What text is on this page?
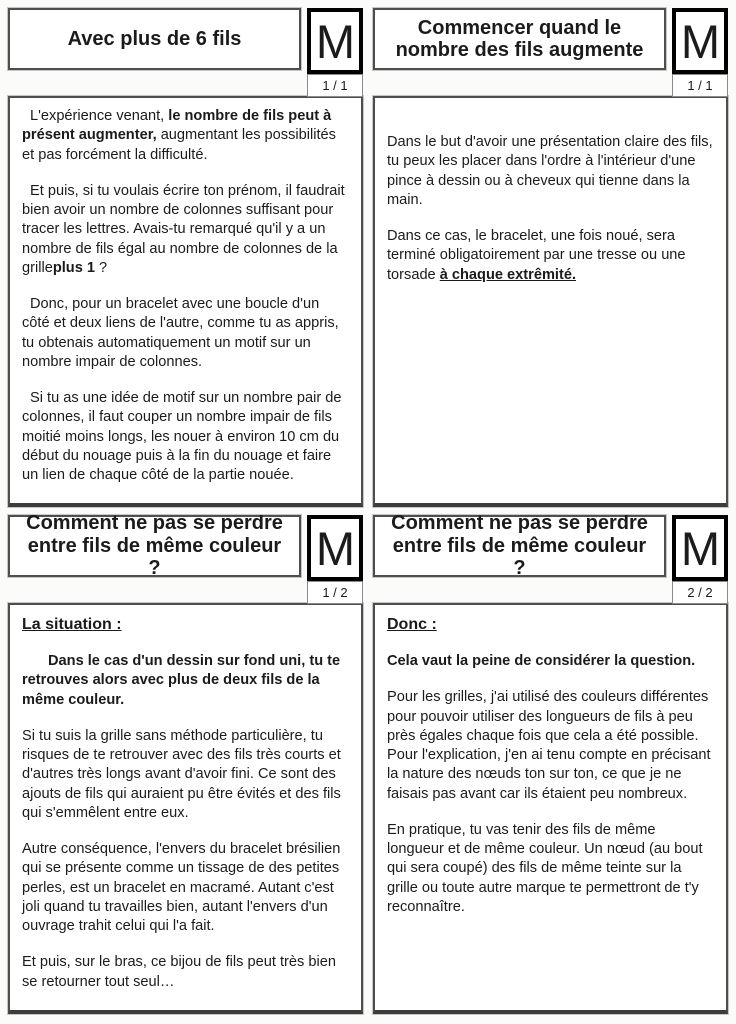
Avec plus de 6 fils	M
1 / 1

L'expérience venant, le nombre de fils peut à présent augmenter, augmentant les possibilités et pas forcément la difficulté.

Et puis, si tu voulais écrire ton prénom, il faudrait bien avoir un nombre de colonnes suffisant pour tracer les lettres. Avais-tu remarqué qu'il y a un nombre de fils égal au nombre de colonnes de la grilleplus 1 ?

Donc, pour un bracelet avec une boucle d'un côté et deux liens de l'autre, comme tu as appris, tu obtenais automatiquement un motif sur un nombre impair de colonnes.

Si tu as une idée de motif sur un nombre pair de colonnes, il faut couper un nombre impair de fils moitié moins longs, les nouer à environ 10 cm du début du nouage puis à la fin du nouage et faire un lien de chaque côté de la partie nouée.

Commencer quand le nombre des fils augmente M
1 / 1

Dans le but d'avoir une présentation claire des fils, tu peux les placer dans l'ordre à l'intérieur d'une pince à dessin ou à cheveux qui tienne dans la main.

Dans ce cas, le bracelet, une fois noué, sera terminé obligatoirement par une tresse ou une torsade à chaque extrêmité.

Comment ne pas se perdre entre fils de même couleur ?	M
1 / 2

La situation :

Dans le cas d'un dessin sur fond uni, tu te retrouves alors avec plus de deux fils de la même couleur.

Si tu suis la grille sans méthode particulière, tu risques de te retrouver avec des fils très courts et d'autres très longs avant d'avoir fini. Ce sont des ajouts de fils qui auraient pu être évités et des fils qui s'emmêlent entre eux.

Autre conséquence, l'envers du bracelet brésilien qui se présente comme un tissage de des petites perles, est un bracelet en macramé. Autant c'est joli quand tu travailles bien, autant l'envers d'un ouvrage trahit celui qui l'a fait.

Et puis, sur le bras, ce bijou de fils peut très bien se retourner tout seul…

Comment ne pas se perdre entre fils de même couleur ?	M
2 / 2

Donc :

Cela vaut la peine de considérer la question.

Pour les grilles, j'ai utilisé des couleurs différentes pour pouvoir utiliser des longueurs de fils à peu près égales chaque fois que cela a été possible.

Pour l'explication, j'en ai tenu compte en précisant la nature des nœuds ton sur ton, ce que je ne faisais pas avant car ils étaient peu nombreux.

En pratique, tu vas tenir des fils de même longueur et de même couleur. Un nœud (au bout qui sera coupé) des fils de même teinte sur la grille ou toute autre marque te permettront de t'y reconnaître.
